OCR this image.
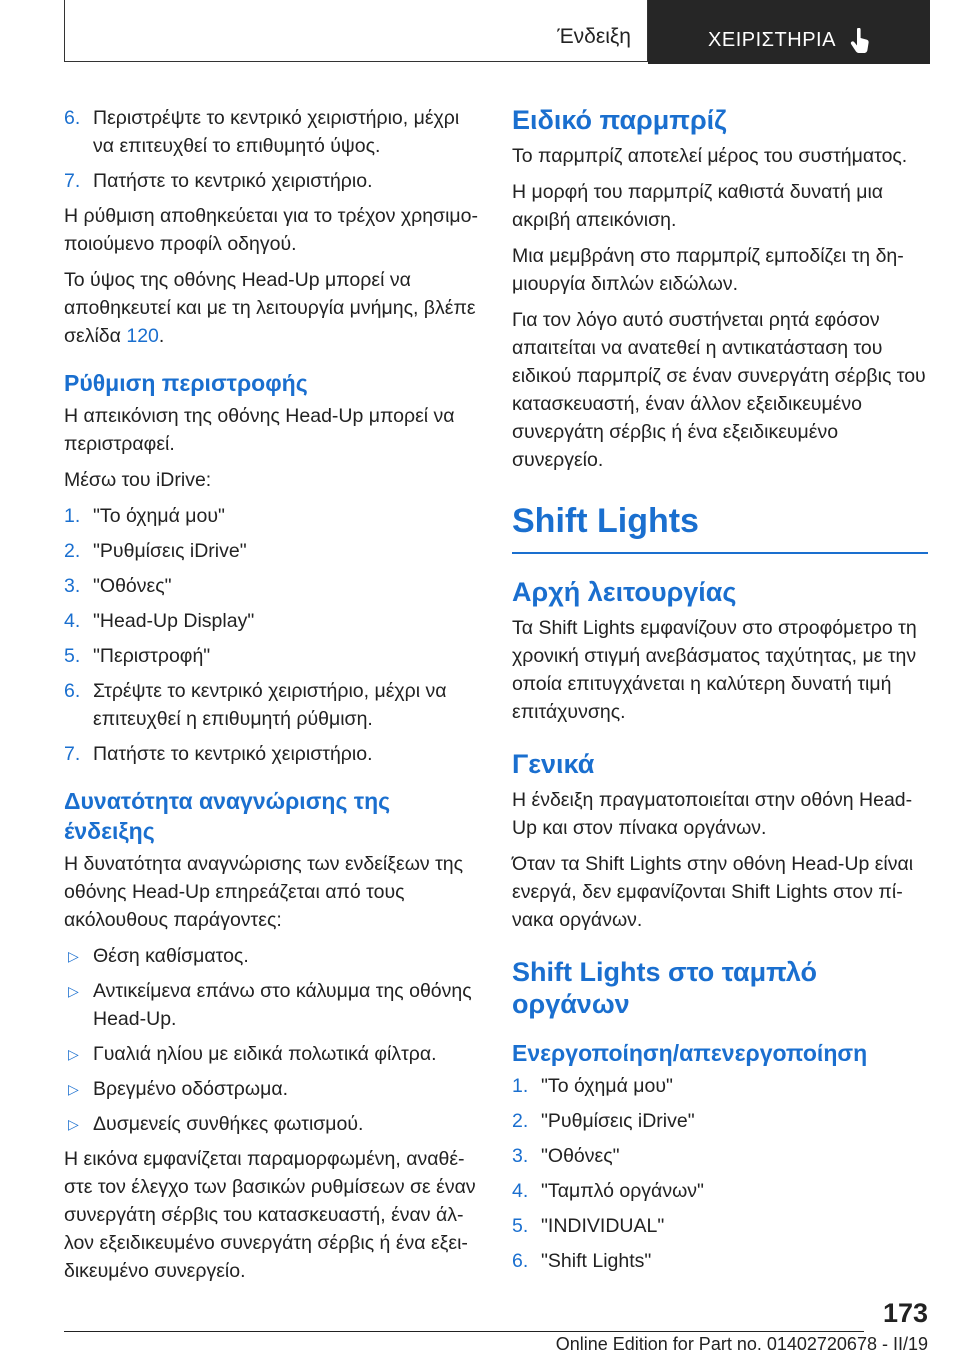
Ένδειξη	ΧΕΙΡΙΣΤΗΡΙΑ
6. Περιστρέψτε το κεντρικό χειριστήριο, μέχρι να επιτευχθεί το επιθυμητό ύψος.
7. Πατήστε το κεντρικό χειριστήριο.

Η ρύθμιση αποθηκεύεται για το τρέχον χρησιμοποιούμενο προφίλ οδηγού.

Το ύψος της οθόνης Head-Up μπορεί να αποθηκευτεί και με τη λειτουργία μνήμης, βλέπε σελίδα 120.

Ρύθμιση περιστροφής

Η απεικόνιση της οθόνης Head-Up μπορεί να περιστραφεί.

Μέσω του iDrive:

1. "Το όχημά μου"
2. "Ρυθμίσεις iDrive"
3. "Οθόνες"
4. "Head-Up Display"
5. "Περιστροφή"
6. Στρέψτε το κεντρικό χειριστήριο, μέχρι να επιτευχθεί η επιθυμητή ρύθμιση.
7. Πατήστε το κεντρικό χειριστήριο.
Δυνατότητα αναγνώρισης της ένδειξης

Η δυνατότητα αναγνώρισης των ενδείξεων της οθόνης Head-Up επηρεάζεται από τους ακόλουθους παράγοντες:

▷ Θέση καθίσματος.
▷ Αντικείμενα επάνω στο κάλυμμα της οθόνης Head-Up.
▷ Γυαλιά ηλίου με ειδικά πολωτικά φίλτρα.
▷ Βρεγμένο οδόστρωμα.
▷ Δυσμενείς συνθήκες φωτισμού.

Η εικόνα εμφανίζεται παραμορφωμένη, αναθέστε τον έλεγχο των βασικών ρυθμίσεων σε έναν συνεργάτη σέρβις του κατασκευαστή, έναν άλλον εξειδικευμένο συνεργάτη σέρβις ή ένα εξειδικευμένο συνεργείο.

Ειδικό παρμπρίζ

Το παρμπρίζ αποτελεί μέρος του συστήματος.

Η μορφή του παρμπρίζ καθιστά δυνατή μια ακριβή απεικόνιση.

Μια μεμβράνη στο παρμπρίζ εμποδίζει τη δημιουργία διπλών ειδώλων.

Για τον λόγο αυτό συστήνεται ρητά εφόσον απαιτείται να ανατεθεί η αντικατάσταση του ειδικού παρμπρίζ σε έναν συνεργάτη σέρβις του κατασκευαστή, έναν άλλον εξειδικευμένο συνεργάτη σέρβις ή ένα εξειδικευμένο συνεργείο.

Shift Lights
Αρχή λειτουργίας

Τα Shift Lights εμφανίζουν στο στροφόμετρο τη χρονική στιγμή ανεβάσματος ταχύτητας, με την οποία επιτυγχάνεται η καλύτερη δυνατή τιμή επιτάχυνσης.

Γενικά

Η ένδειξη πραγματοποιείται στην οθόνη Head-Up και στον πίνακα οργάνων.

Όταν τα Shift Lights στην οθόνη Head-Up είναι ενεργά, δεν εμφανίζονται Shift Lights στον πίνακα οργάνων.

Shift Lights στο ταμπλό οργάνων
Ενεργοποίηση/απενεργοποίηση
1. "Το όχημά μου"
2. "Ρυθμίσεις iDrive"
3. "Οθόνες"
4. "Ταμπλό οργάνων"
5. "INDIVIDUAL"
6. "Shift Lights"
173
Online Edition for Part no. 01402720678 - II/19
